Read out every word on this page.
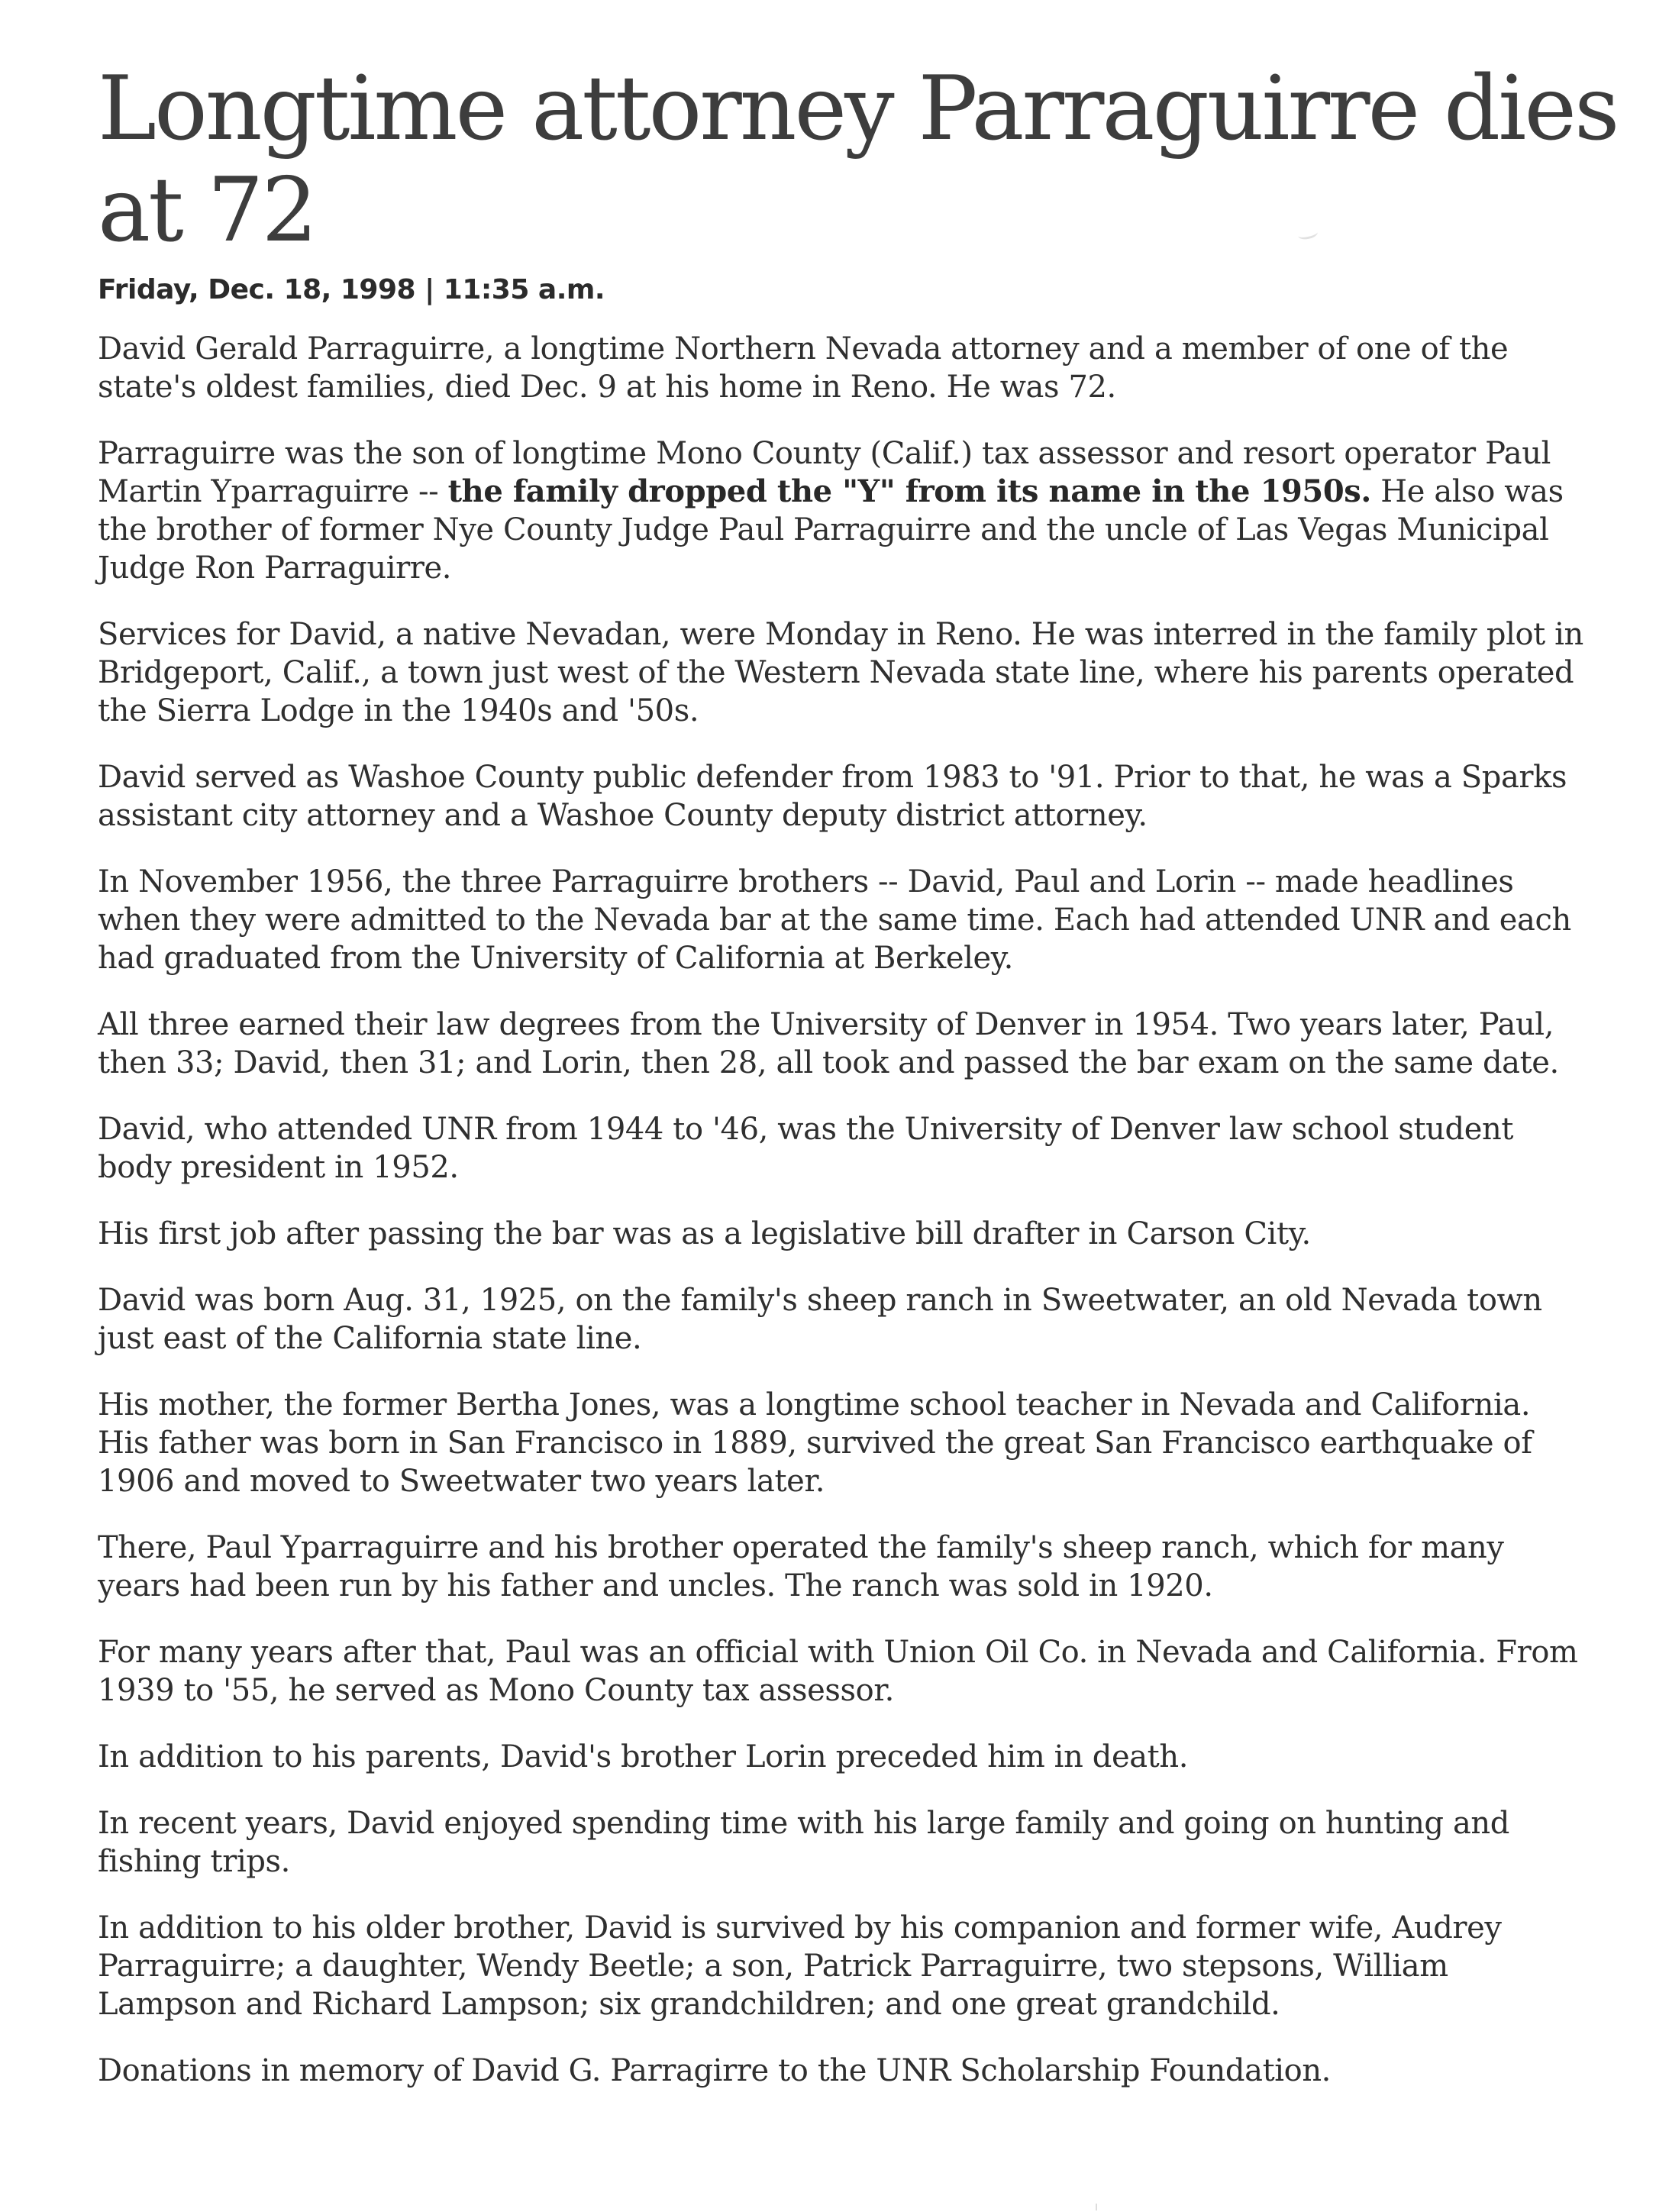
Longtime attorney Parraguirre dies
at 72
Friday, Dec. 18, 1998 | 11:35 a.m.

David Gerald Parraguirre, a longtime Northern Nevada attorney and a member of one of the state's oldest families, died Dec. 9 at his home in Reno. He was 72.

Parraguirre was the son of longtime Mono County (Calif.) tax assessor and resort operator Paul Martin Yparraguirre -- the family dropped the "Y" from its name in the 1950s. He also was the brother of former Nye County Judge Paul Parraguirre and the uncle of Las Vegas Municipal Judge Ron Parraguirre.

Services for David, a native Nevadan, were Monday in Reno. He was interred in the family plot in Bridgeport, Calif., a town just west of the Western Nevada state line, where his parents operated the Sierra Lodge in the 1940s and '50s.

David served as Washoe County public defender from 1983 to '91. Prior to that, he was a Sparks assistant city attorney and a Washoe County deputy district attorney.

In November 1956, the three Parraguirre brothers -- David, Paul and Lorin -- made headlines when they were admitted to the Nevada bar at the same time. Each had attended UNR and each had graduated from the University of California at Berkeley.

All three earned their law degrees from the University of Denver in 1954. Two years later, Paul, then 33; David, then 31; and Lorin, then 28, all took and passed the bar exam on the same date.

David, who attended UNR from 1944 to '46, was the University of Denver law school student body president in 1952.

His first job after passing the bar was as a legislative bill drafter in Carson City.

David was born Aug. 31, 1925, on the family's sheep ranch in Sweetwater, an old Nevada town just east of the California state line.

His mother, the former Bertha Jones, was a longtime school teacher in Nevada and California. His father was born in San Francisco in 1889, survived the great San Francisco earthquake of 1906 and moved to Sweetwater two years later.

There, Paul Yparraguirre and his brother operated the family's sheep ranch, which for many years had been run by his father and uncles. The ranch was sold in 1920.

For many years after that, Paul was an official with Union Oil Co. in Nevada and California. From 1939 to '55, he served as Mono County tax assessor.

In addition to his parents, David's brother Lorin preceded him in death.

In recent years, David enjoyed spending time with his large family and going on hunting and fishing trips.

In addition to his older brother, David is survived by his companion and former wife, Audrey Parraguirre; a daughter, Wendy Beetle; a son, Patrick Parraguirre, two stepsons, William Lampson and Richard Lampson; six grandchildren; and one great grandchild.

Donations in memory of David G. Parragirre to the UNR Scholarship Foundation.
